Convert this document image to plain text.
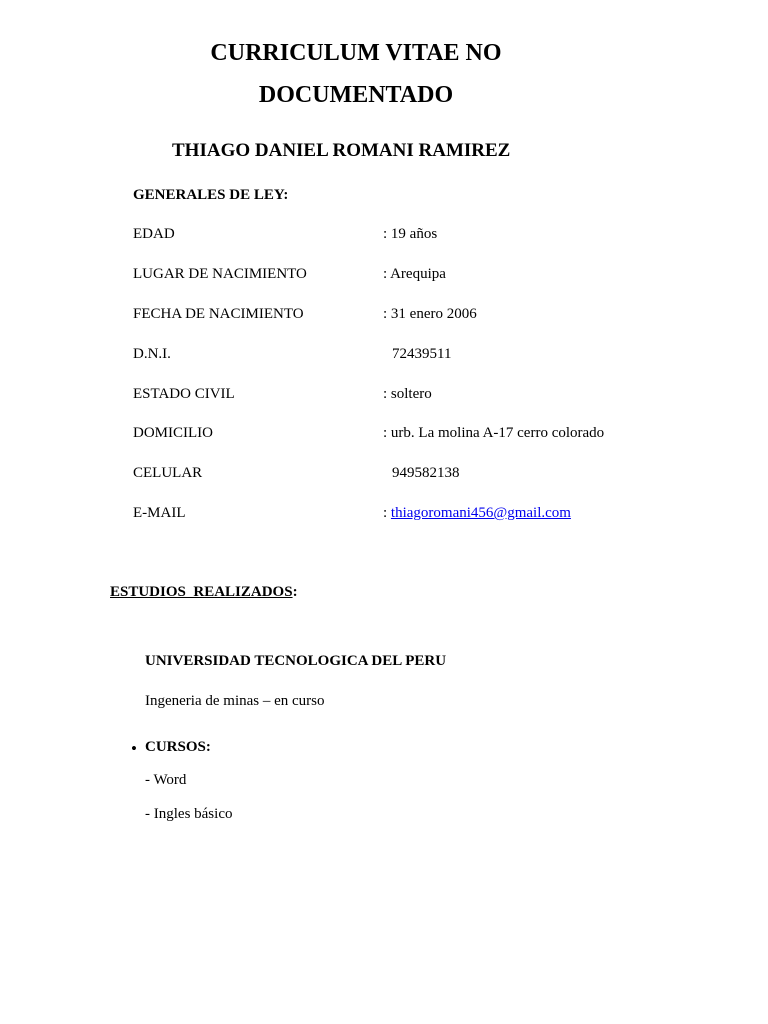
CURRICULUM VITAE NO
DOCUMENTADO
THIAGO DANIEL ROMANI RAMIREZ
GENERALES DE LEY:
EDAD	: 19 años
LUGAR DE NACIMIENTO	: Arequipa
FECHA DE NACIMIENTO	: 31 enero 2006
D.N.I.	72439511
ESTADO CIVIL	: soltero
DOMICILIO	: urb. La molina A-17 cerro colorado
CELULAR	949582138
E-MAIL	: thiagoromani456@gmail.com
ESTUDIOS  REALIZADOS:
UNIVERSIDAD TECNOLOGICA DEL PERU
Ingeneria de minas – en curso
• CURSOS:
- Word
- Ingles básico
